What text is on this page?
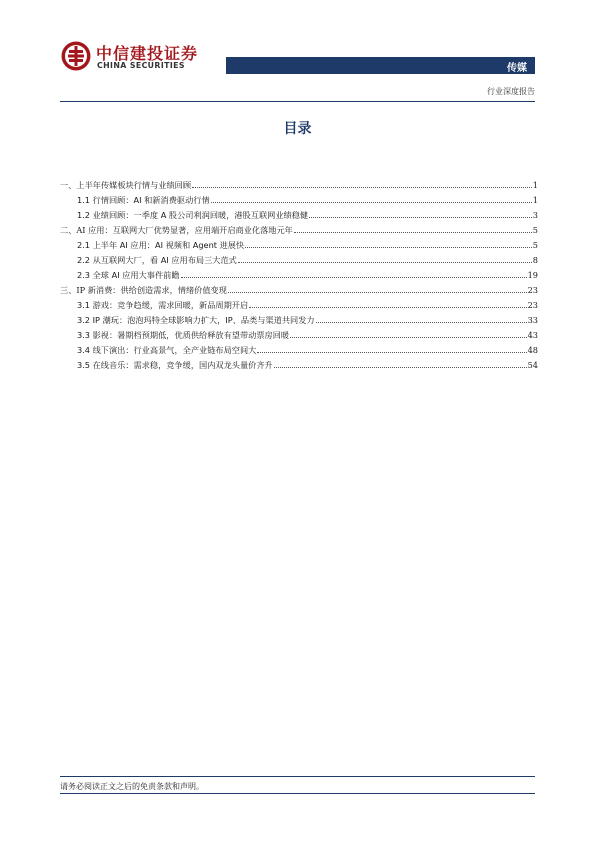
中信建投证券
CHINA SECURITIES	传媒
行业深度报告
目录
一、上半年传媒板块行情与业绩回顾	1
1.1 行情回顾：AI 和新消费驱动行情	1
1.2 业绩回顾：一季度 A 股公司利润回暖，港股互联网业绩稳健	3
二、AI 应用：互联网大厂优势显著，应用端开启商业化落地元年	5
2.1 上半年 AI 应用：AI 视频和 Agent 进展快	5
2.2 从互联网大厂，看 AI 应用布局三大范式	8
2.3 全球 AI 应用大事件前瞻	19
三、IP 新消费：供给创造需求，情绪价值变现	23
3.1 游戏：竞争趋缓，需求回暖，新品周期开启	23
3.2 IP 潮玩：泡泡玛特全球影响力扩大，IP、品类与渠道共同发力	33
3.3 影视：暑期档预期低，优质供给释放有望带动票房回暖	43
3.4 线下演出：行业高景气，全产业链布局空间大	48
3.5 在线音乐：需求稳，竞争缓，国内双龙头量价齐升	54
请务必阅读正文之后的免责条款和声明。
